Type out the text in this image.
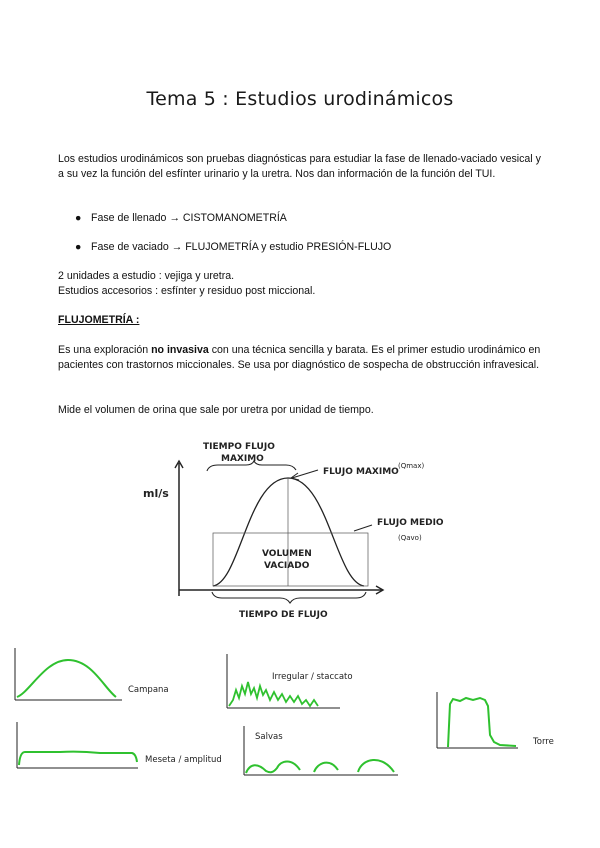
Tema 5 : Estudios urodinámicos
Los estudios urodinámicos son pruebas diagnósticas para estudiar la fase de llenado-vaciado vesical y a su vez la función del esfínter urinario y la uretra. Nos dan información de la función del TUI.
● Fase de llenado → CISTOMANOMETRÍA
● Fase de vaciado → FLUJOMETRÍA y estudio PRESIÓN-FLUJO
2 unidades a estudio : vejiga y uretra.
Estudios accesorios : esfínter y residuo post miccional.
FLUJOMETRÍA :
Es una exploración no invasiva con una técnica sencilla y barata. Es el primer estudio urodinámico en pacientes con trastornos miccionales. Se usa por diagnóstico de sospecha de obstrucción infravesical.
Mide el volumen de orina que sale por uretra por unidad de tiempo.
ml/s
TIEMPO FLUJO
MAXIMO
FLUJO MAXIMO
(Qmax)
FLUJO MEDIO
(Qavo)
VOLUMEN
VACIADO
TIEMPO DE FLUJO
Campana
Irregular / staccato
Torre
Meseta / amplitud
Salvas
